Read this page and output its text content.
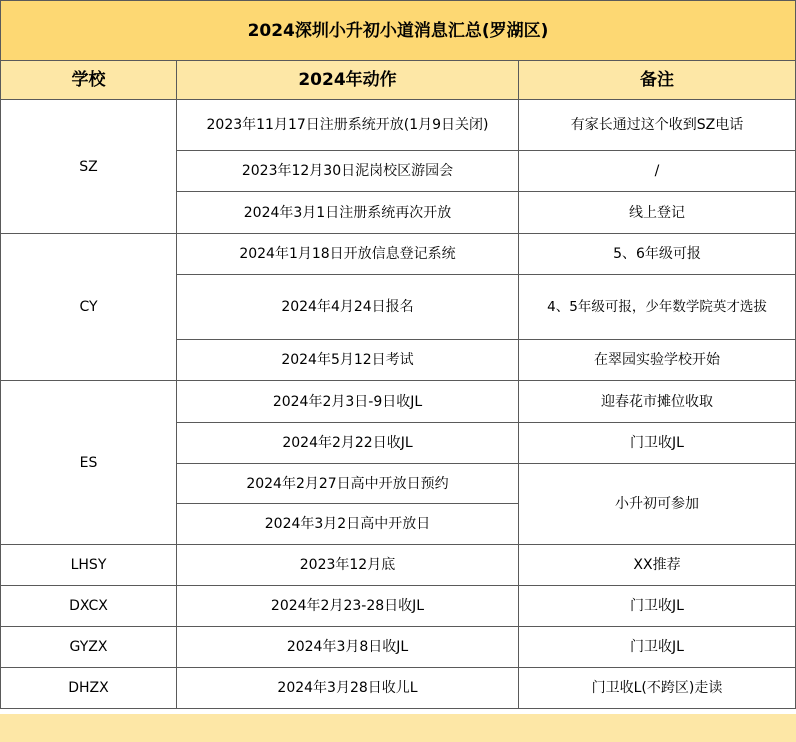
2024深圳小升初小道消息汇总(罗湖区)		
学校	2024年动作	备注
SZ	2023年11月17日注册系统开放(1月9日关闭)	有家长通过这个收到SZ电话
	2023年12月30日泥岗校区游园会	/
	2024年3月1日注册系统再次开放	线上登记
CY	2024年1月18日开放信息登记系统	5、6年级可报
	2024年4月24日报名	4、5年级可报，少年数学院英才选拔
	2024年5月12日考试	在翠园实验学校开始
ES	2024年2月3日-9日收JL	迎春花市摊位收取
	2024年2月22日收JL	门卫收JL
	2024年2月27日高中开放日预约	小升初可参加
	2024年3月2日高中开放日	
LHSY	2023年12月底	XX推荐
DXCX	2024年2月23-28日收JL	门卫收JL
GYZX	2024年3月8日收JL	门卫收JL
DHZX	2024年3月28日收儿L	门卫收L(不跨区)走读
